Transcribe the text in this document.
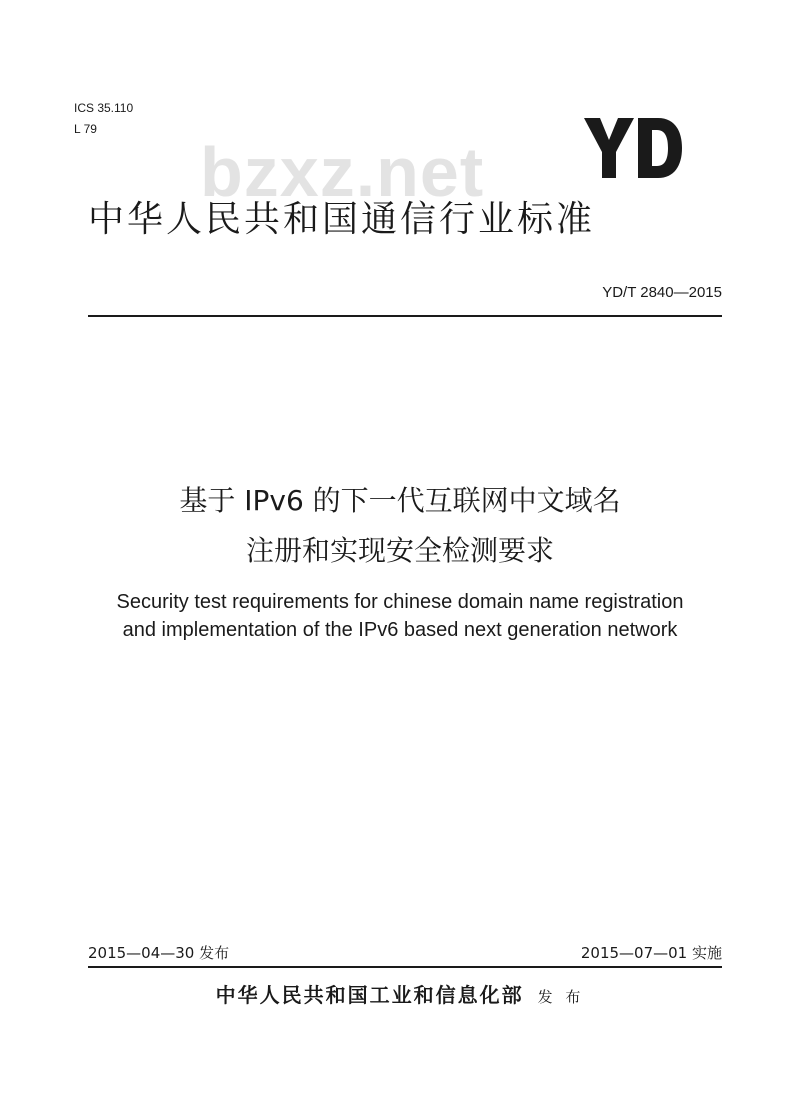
ICS 35.110
L 79
bzxz.net
中华人民共和国通信行业标准
YD/T 2840—2015
基于 IPv6 的下一代互联网中文域名
注册和实现安全检测要求
Security test requirements for chinese domain name registration
and implementation of the IPv6 based next generation network
2015—04—30 发布	2015—07—01 实施
中华人民共和国工业和信息化部 发 布
